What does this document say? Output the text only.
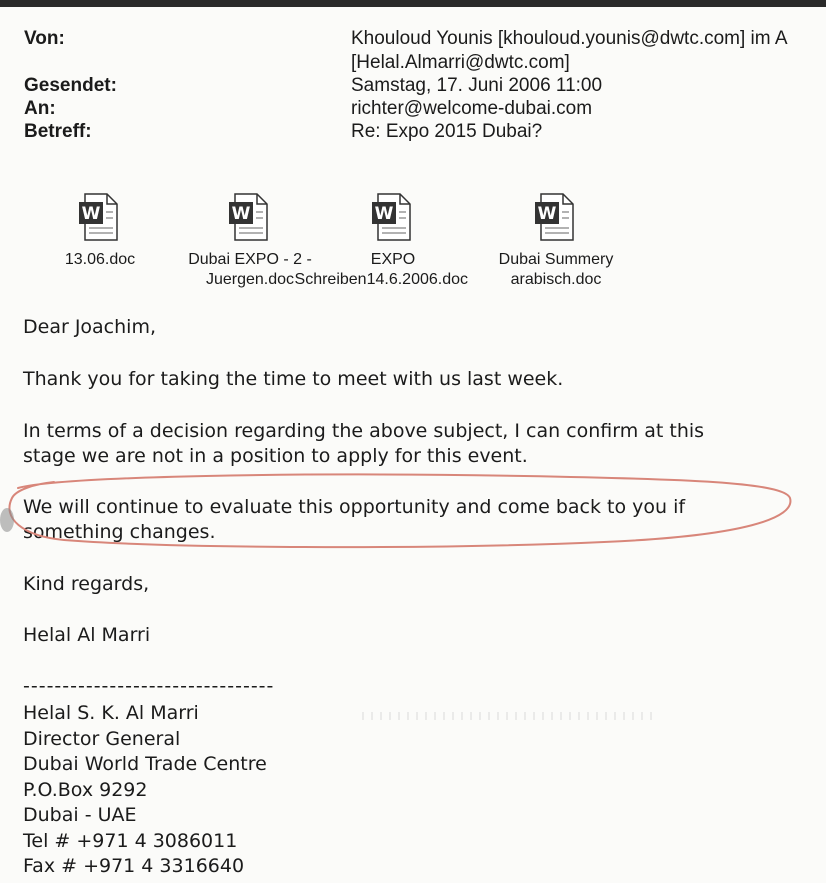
Von:
Gesendet:
An:
Betreff:
Khouloud Younis [khouloud.younis@dwtc.com] im A
[Helal.Almarri@dwtc.com]
Samstag, 17. Juni 2006 11:00
richter@welcome-dubai.com
Re: Expo 2015 Dubai?
W
13.06.doc
W
Dubai EXPO - 2 -
Juergen.doc
W
EXPO
Schreiben14.6.2006.doc
W
Dubai Summery
arabisch.doc
Dear Joachim,
Thank you for taking the time to meet with us last week.
In terms of a decision regarding the above subject, I can confirm at this
stage we are not in a position to apply for this event.
We will continue to evaluate this opportunity and come back to you if
something changes.
Kind regards,
Helal Al Marri
--------------------------------
Helal S. K. Al Marri
Director General
Dubai World Trade Centre
P.O.Box 9292
Dubai - UAE
Tel # +971 4 3086011
Fax # +971 4 3316640
